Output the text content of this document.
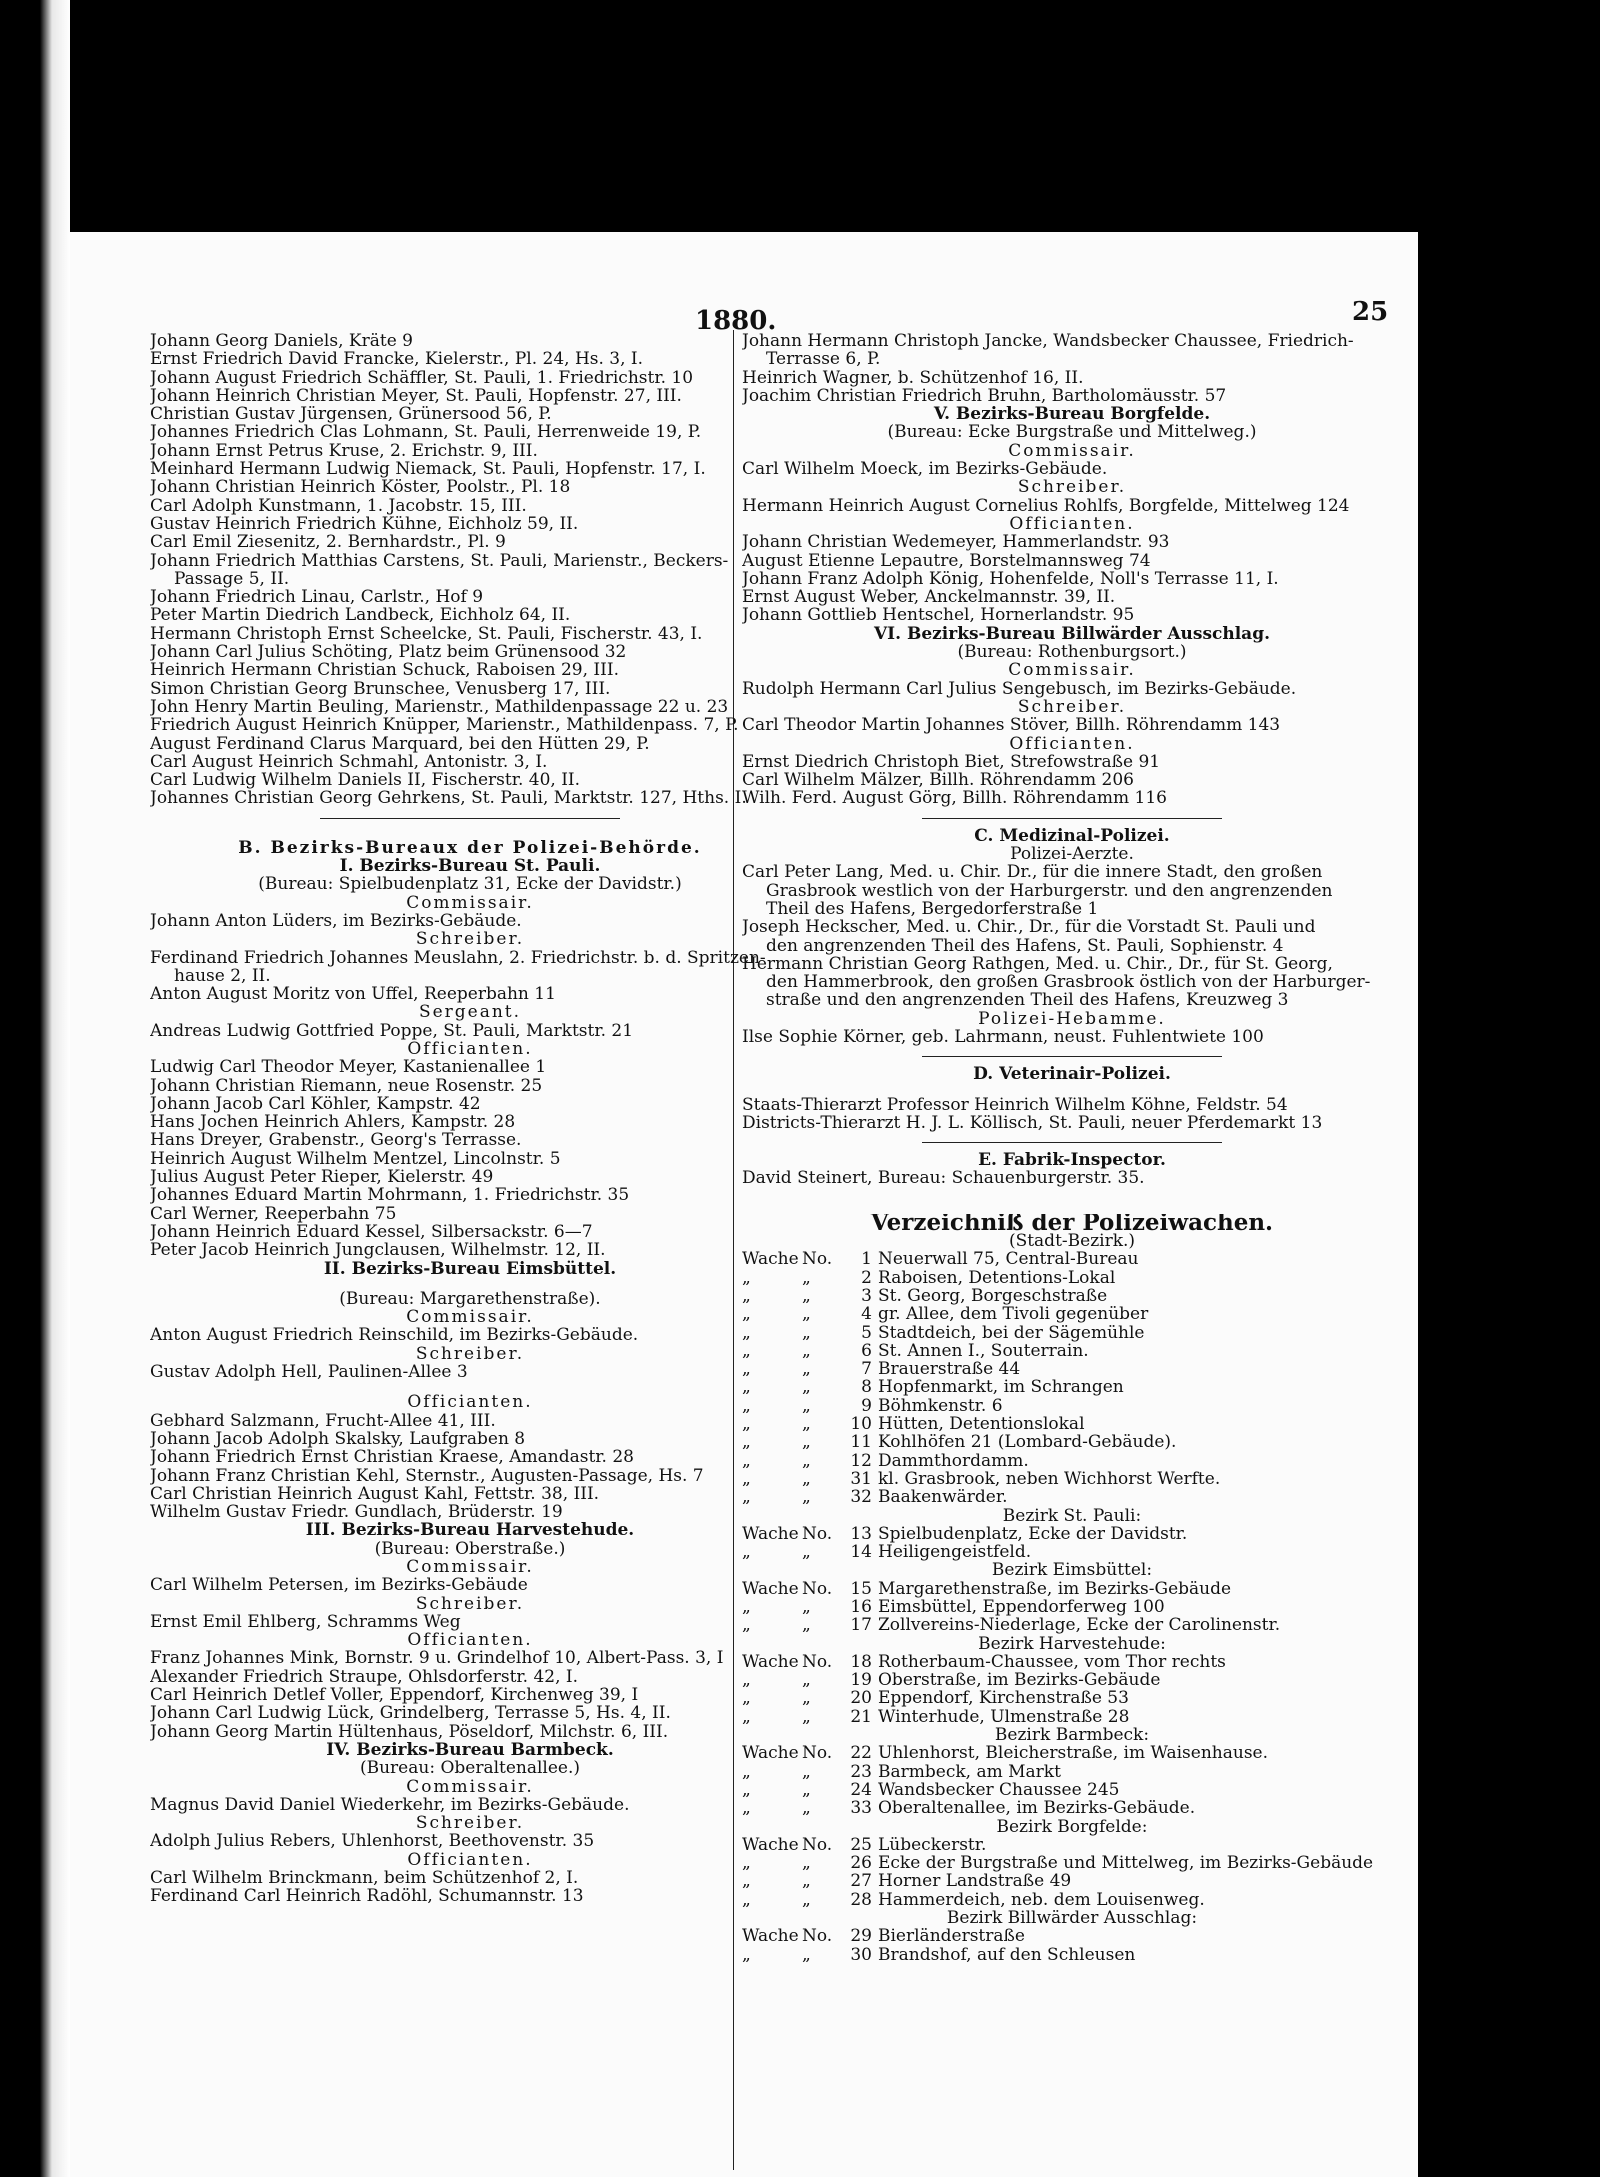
1880.	25
Johann Georg Daniels, Kräte 9
Ernst Friedrich David Francke, Kielerstr., Pl. 24, Hs. 3, I.
Johann August Friedrich Schäffler, St. Pauli, 1. Friedrichstr. 10
Johann Heinrich Christian Meyer, St. Pauli, Hopfenstr. 27, III.
Christian Gustav Jürgensen, Grünersood 56, P.
Johannes Friedrich Clas Lohmann, St. Pauli, Herrenweide 19, P.
Johann Ernst Petrus Kruse, 2. Erichstr. 9, III.
Meinhard Hermann Ludwig Niemack, St. Pauli, Hopfenstr. 17, I.
Johann Christian Heinrich Köster, Poolstr., Pl. 18
Carl Adolph Kunstmann, 1. Jacobstr. 15, III.
Gustav Heinrich Friedrich Kühne, Eichholz 59, II.
Carl Emil Ziesenitz, 2. Bernhardstr., Pl. 9
Johann Friedrich Matthias Carstens, St. Pauli, Marienstr., Beckers-
Passage 5, II.
Johann Friedrich Linau, Carlstr., Hof 9
Peter Martin Diedrich Landbeck, Eichholz 64, II.
Hermann Christoph Ernst Scheelcke, St. Pauli, Fischerstr. 43, I.
Johann Carl Julius Schöting, Platz beim Grünensood 32
Heinrich Hermann Christian Schuck, Raboisen 29, III.
Simon Christian Georg Brunschee, Venusberg 17, III.
John Henry Martin Beuling, Marienstr., Mathildenpassage 22 u. 23
Friedrich August Heinrich Knüpper, Marienstr., Mathildenpass. 7, P.
August Ferdinand Clarus Marquard, bei den Hütten 29, P.
Carl August Heinrich Schmahl, Antonistr. 3, I.
Carl Ludwig Wilhelm Daniels II, Fischerstr. 40, II.
Johannes Christian Georg Gehrkens, St. Pauli, Marktstr. 127, Hths. I.
B. Bezirks-Bureaux der Polizei-Behörde.
I. Bezirks-Bureau St. Pauli.
(Bureau: Spielbudenplatz 31, Ecke der Davidstr.)
Commissair.
Johann Anton Lüders, im Bezirks-Gebäude.
Schreiber.
Ferdinand Friedrich Johannes Meuslahn, 2. Friedrichstr. b. d. Spritzen-
hause 2, II.
Anton August Moritz von Uffel, Reeperbahn 11
Sergeant.
Andreas Ludwig Gottfried Poppe, St. Pauli, Marktstr. 21
Officianten.
Ludwig Carl Theodor Meyer, Kastanienallee 1
Johann Christian Riemann, neue Rosenstr. 25
Johann Jacob Carl Köhler, Kampstr. 42
Hans Jochen Heinrich Ahlers, Kampstr. 28
Hans Dreyer, Grabenstr., Georg's Terrasse.
Heinrich August Wilhelm Mentzel, Lincolnstr. 5
Julius August Peter Rieper, Kielerstr. 49
Johannes Eduard Martin Mohrmann, 1. Friedrichstr. 35
Carl Werner, Reeperbahn 75
Johann Heinrich Eduard Kessel, Silbersackstr. 6—7
Peter Jacob Heinrich Jungclausen, Wilhelmstr. 12, II.
II. Bezirks-Bureau Eimsbüttel.
(Bureau: Margarethenstraße).
Commissair.
Anton August Friedrich Reinschild, im Bezirks-Gebäude.
Schreiber.
Gustav Adolph Hell, Paulinen-Allee 3
Officianten.
Gebhard Salzmann, Frucht-Allee 41, III.
Johann Jacob Adolph Skalsky, Laufgraben 8
Johann Friedrich Ernst Christian Kraese, Amandastr. 28
Johann Franz Christian Kehl, Sternstr., Augusten-Passage, Hs. 7
Carl Christian Heinrich August Kahl, Fettstr. 38, III.
Wilhelm Gustav Friedr. Gundlach, Brüderstr. 19
III. Bezirks-Bureau Harvestehude.
(Bureau: Oberstraße.)
Commissair.
Carl Wilhelm Petersen, im Bezirks-Gebäude
Schreiber.
Ernst Emil Ehlberg, Schramms Weg
Officianten.
Franz Johannes Mink, Bornstr. 9 u. Grindelhof 10, Albert-Pass. 3, I
Alexander Friedrich Straupe, Ohlsdorferstr. 42, I.
Carl Heinrich Detlef Voller, Eppendorf, Kirchenweg 39, I
Johann Carl Ludwig Lück, Grindelberg, Terrasse 5, Hs. 4, II.
Johann Georg Martin Hültenhaus, Pöseldorf, Milchstr. 6, III.
IV. Bezirks-Bureau Barmbeck.
(Bureau: Oberaltenallee.)
Commissair.
Magnus David Daniel Wiederkehr, im Bezirks-Gebäude.
Schreiber.
Adolph Julius Rebers, Uhlenhorst, Beethovenstr. 35
Officianten.
Carl Wilhelm Brinckmann, beim Schützenhof 2, I.
Ferdinand Carl Heinrich Radöhl, Schumannstr. 13
Johann Hermann Christoph Jancke, Wandsbecker Chaussee, Friedrich-
Terrasse 6, P.
Heinrich Wagner, b. Schützenhof 16, II.
Joachim Christian Friedrich Bruhn, Bartholomäusstr. 57
V. Bezirks-Bureau Borgfelde.
(Bureau: Ecke Burgstraße und Mittelweg.)
Commissair.
Carl Wilhelm Moeck, im Bezirks-Gebäude.
Schreiber.
Hermann Heinrich August Cornelius Rohlfs, Borgfelde, Mittelweg 124
Officianten.
Johann Christian Wedemeyer, Hammerlandstr. 93
August Etienne Lepautre, Borstelmannsweg 74
Johann Franz Adolph König, Hohenfelde, Noll's Terrasse 11, I.
Ernst August Weber, Anckelmannstr. 39, II.
Johann Gottlieb Hentschel, Hornerlandstr. 95
VI. Bezirks-Bureau Billwärder Ausschlag.
(Bureau: Rothenburgsort.)
Commissair.
Rudolph Hermann Carl Julius Sengebusch, im Bezirks-Gebäude.
Schreiber.
Carl Theodor Martin Johannes Stöver, Billh. Röhrendamm 143
Officianten.
Ernst Diedrich Christoph Biet, Strefowstraße 91
Carl Wilhelm Mälzer, Billh. Röhrendamm 206
Wilh. Ferd. August Görg, Billh. Röhrendamm 116
C. Medizinal-Polizei.
Polizei-Aerzte.
Carl Peter Lang, Med. u. Chir. Dr., für die innere Stadt, den großen
Grasbrook westlich von der Harburgerstr. und den angrenzenden
Theil des Hafens, Bergedorferstraße 1
Joseph Heckscher, Med. u. Chir., Dr., für die Vorstadt St. Pauli und
den angrenzenden Theil des Hafens, St. Pauli, Sophienstr. 4
Hermann Christian Georg Rathgen, Med. u. Chir., Dr., für St. Georg,
den Hammerbrook, den großen Grasbrook östlich von der Harburger-
straße und den angrenzenden Theil des Hafens, Kreuzweg 3
Polizei-Hebamme.
Ilse Sophie Körner, geb. Lahrmann, neust. Fuhlentwiete 100
D. Veterinair-Polizei.
Staats-Thierarzt Professor Heinrich Wilhelm Köhne, Feldstr. 54
Districts-Thierarzt H. J. L. Köllisch, St. Pauli, neuer Pferdemarkt 13
E. Fabrik-Inspector.
David Steinert, Bureau: Schauenburgerstr. 35.
Verzeichniß der Polizeiwachen.
(Stadt-Bezirk.)
Wache No. 1 Neuerwall 75, Central-Bureau
„	„	2 Raboisen, Detentions-Lokal
„	„	3 St. Georg, Borgeschstraße
„	„	4 gr. Allee, dem Tivoli gegenüber
„	„	5 Stadtdeich, bei der Sägemühle
„	„	6 St. Annen I., Souterrain.
„	„	7 Brauerstraße 44
„	„	8 Hopfenmarkt, im Schrangen
„	„	9 Böhmkenstr. 6
„	„ 10 Hütten, Detentionslokal
„	„ 11 Kohlhöfen 21 (Lombard-Gebäude).
„	„ 12 Dammthordamm.
„	„ 31 kl. Grasbrook, neben Wichhorst Werfte.
„	„ 32 Baakenwärder.
Bezirk St. Pauli:
Wache No. 13 Spielbudenplatz, Ecke der Davidstr.
„	„ 14 Heiligengeistfeld.
Bezirk Eimsbüttel:
Wache No. 15 Margarethenstraße, im Bezirks-Gebäude
„	„ 16 Eimsbüttel, Eppendorferweg 100
„	„ 17 Zollvereins-Niederlage, Ecke der Carolinenstr.
Bezirk Harvestehude:
Wache No. 18 Rotherbaum-Chaussee, vom Thor rechts
„	„ 19 Oberstraße, im Bezirks-Gebäude
„	„ 20 Eppendorf, Kirchenstraße 53
„	„ 21 Winterhude, Ulmenstraße 28
Bezirk Barmbeck:
Wache No. 22 Uhlenhorst, Bleicherstraße, im Waisenhause.
„	„ 23 Barmbeck, am Markt
„	„ 24 Wandsbecker Chaussee 245
„	„ 33 Oberaltenallee, im Bezirks-Gebäude.
Bezirk Borgfelde:
Wache No. 25 Lübeckerstr.
„	„ 26 Ecke der Burgstraße und Mittelweg, im Bezirks-Gebäude
„	„ 27 Horner Landstraße 49
„	„ 28 Hammerdeich, neb. dem Louisenweg.
Bezirk Billwärder Ausschlag:
Wache No. 29 Bierländerstraße
„	„ 30 Brandshof, auf den Schleusen
